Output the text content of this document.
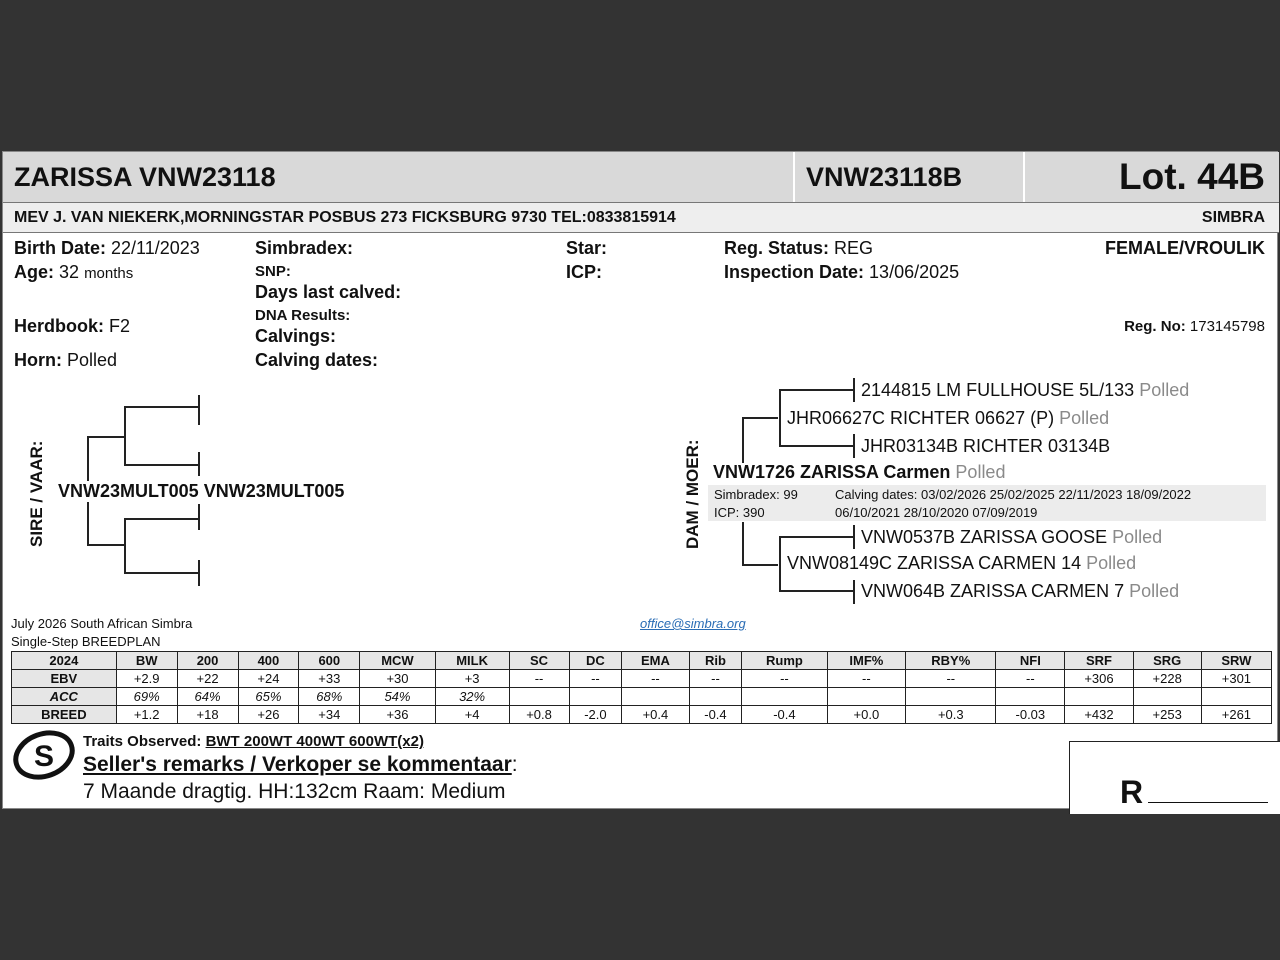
ZARISSA VNW23118	VNW23118B	Lot. 44B
MEV J. VAN NIEKERK,MORNINGSTAR POSBUS 273 FICKSBURG 9730 TEL:0833815914	SIMBRA
Birth Date: 22/11/2023
Age: 32 months
Herdbook: F2
Horn: Polled
Simbradex:
SNP:
Days last calved:
DNA Results:
Calvings:
Calving dates:
Star:
ICP:
Reg. Status: REG
Inspection Date: 13/06/2025
FEMALE/VROULIK
Reg. No: 173145798
SIRE / VAAR: VNW23MULT005 VNW23MULT005	DAM / MOER:
2144815 LM FULLHOUSE 5L/133 Polled
JHR06627C RICHTER 06627 (P) Polled
JHR03134B RICHTER 03134B
VNW1726 ZARISSA Carmen Polled
Simbradex: 99
ICP: 390
Calving dates: 03/02/2026 25/02/2025 22/11/2023 18/09/2022
06/10/2021 28/10/2020 07/09/2019
VNW0537B ZARISSA GOOSE Polled
VNW08149C ZARISSA CARMEN 14 Polled
VNW064B ZARISSA CARMEN 7 Polled
July 2026 South African Simbra
Single-Step BREEDPLAN
office@simbra.org
2024	BW	200	400	600	MCW	MILK	SC	DC	EMA	Rib	Rump	IMF%	RBY%	NFI	SRF	SRG	SRW
EBV	+2.9	+22	+24	+33	+30	+3	--	--	--	--	--	--	--	--	+306	+228	+301
ACC	69%	64%	65%	68%	54%	32%											
BREED	+1.2	+18	+26	+34	+36	+4	+0.8	-2.0	+0.4	-0.4	-0.4	+0.0	+0.3	-0.03	+432	+253	+261
S Traits Observed: BWT 200WT 400WT 600WT(x2)
Seller's remarks / Verkoper se kommentaar:
7 Maande dragtig. HH:132cm Raam: Medium	R
